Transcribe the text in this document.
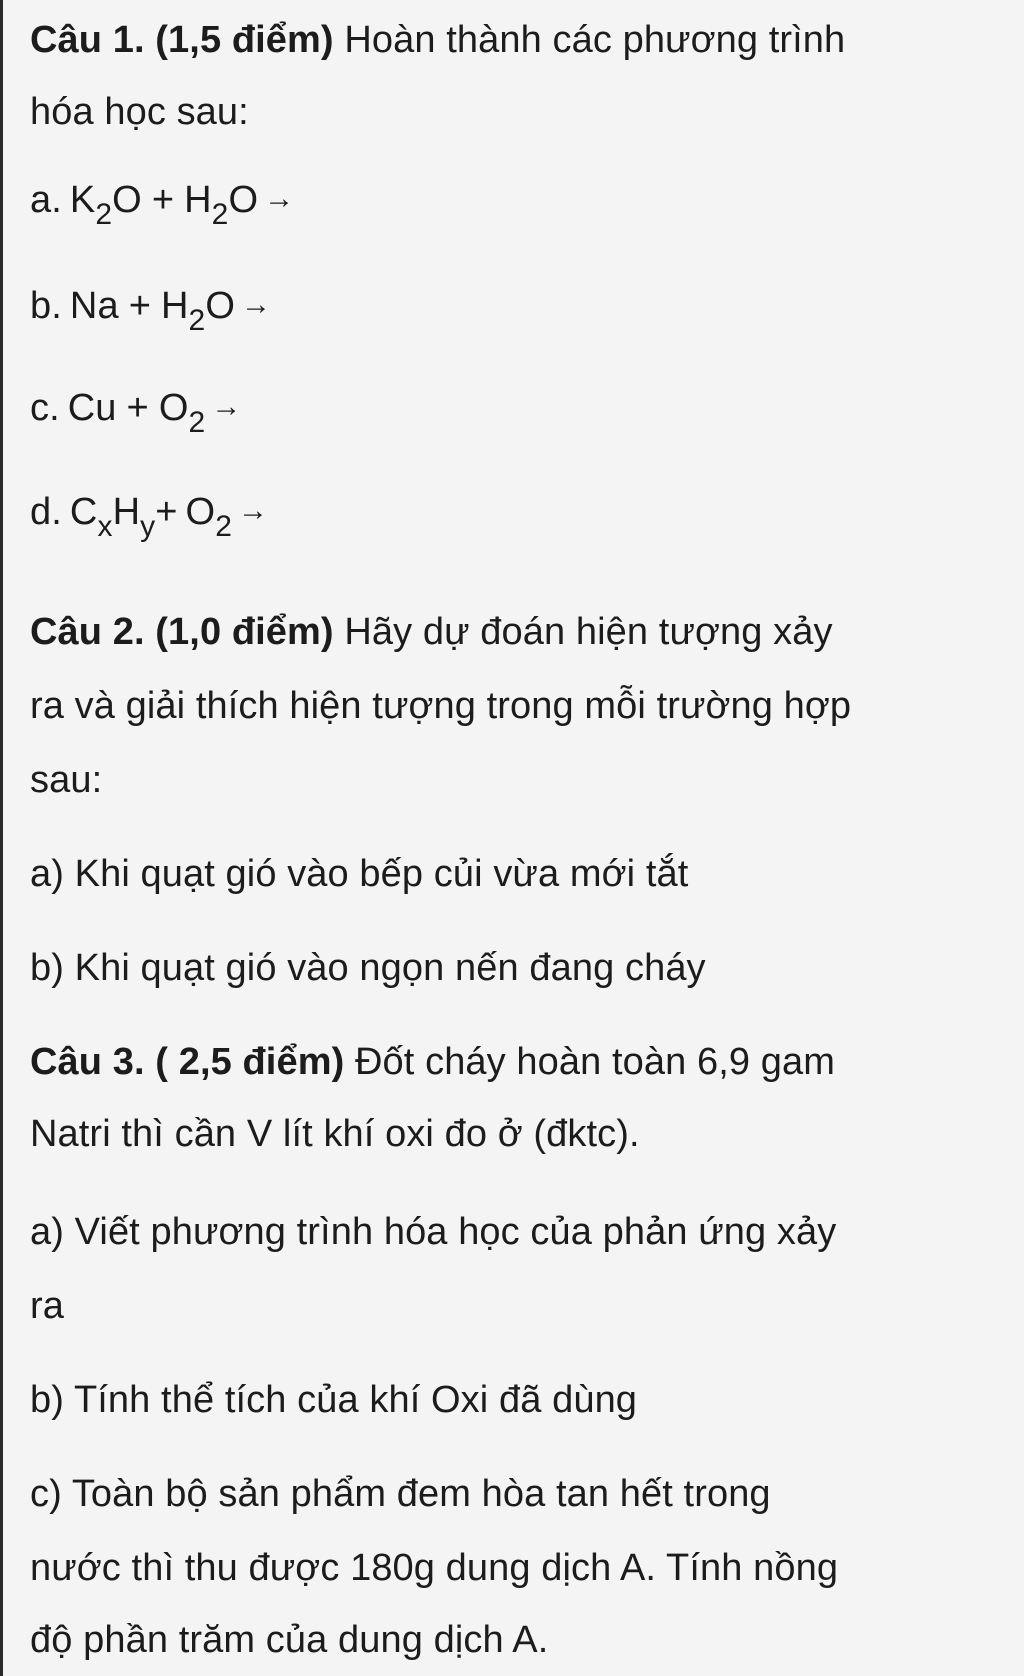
Câu 1. (1,5 điểm) Hoàn thành các phương trình
hóa học sau:
a. $K_2O + H_2O$ →
b. $Na + H_2O$ →
c. $Cu + O_2$ →
d. $C_xH_y+ O_2$ →
Câu 2. (1,0 điểm) Hãy dự đoán hiện tượng xảy
ra và giải thích hiện tượng trong mỗi trường hợp
sau:
a) Khi quạt gió vào bếp củi vừa mới tắt
b) Khi quạt gió vào ngọn nến đang cháy
Câu 3. ( 2,5 điểm) Đốt cháy hoàn toàn 6,9 gam
Natri thì cần V lít khí oxi đo ở (đktc).
a) Viết phương trình hóa học của phản ứng xảy
ra
b) Tính thể tích của khí Oxi đã dùng
c) Toàn bộ sản phẩm đem hòa tan hết trong
nước thì thu được 180g dung dịch A. Tính nồng
độ phần trăm của dung dịch A.
